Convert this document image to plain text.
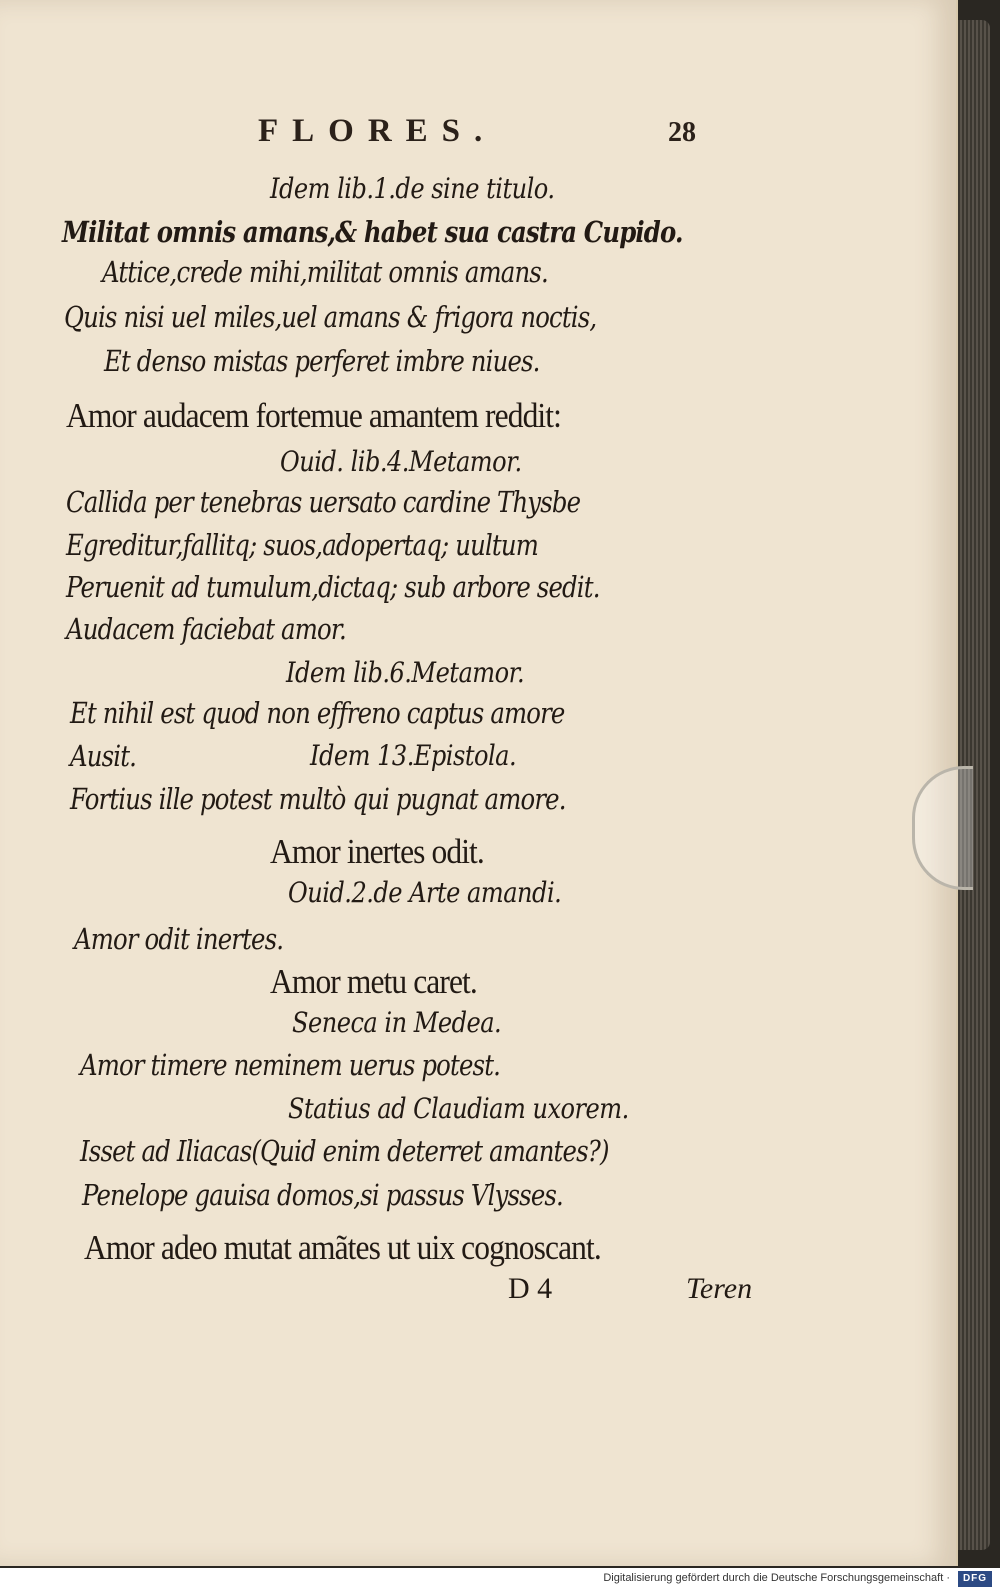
FLORES.	28
Idem lib.1.de sine titulo.
Militat omnis amans,& habet sua castra Cupido.
Attice,crede mihi,militat omnis amans.
Quis nisi uel miles,uel amans & frigora noctis,
Et denso mistas perferet imbre niues.
Amor audacem fortemue amantem reddit:
Ouid. lib.4.Metamor.
Callida per tenebras uersato cardine Thysbe
Egreditur,fallitq; suos,adopertaq; uultum
Peruenit ad tumulum,dictaq; sub arbore sedit.
Audacem faciebat amor.
Idem lib.6.Metamor.
Et nihil est quod non effreno captus amore
Ausit.	Idem 13.Epistola.
Fortius ille potest multò qui pugnat amore.
Amor inertes odit.
Ouid.2.de Arte amandi.
Amor odit inertes.
Amor metu caret.
Seneca in Medea.
Amor timere neminem uerus potest.
Statius ad Claudiam uxorem.
Isset ad Iliacas(Quid enim deterret amantes?)
Penelope gauisa domos,si passus Vlysses.
Amor adeo mutat amãtes ut uix cognoscant.
D 4	Teren
Digitalisierung gefördert durch die Deutsche Forschungsgemeinschaft ·	DFG
